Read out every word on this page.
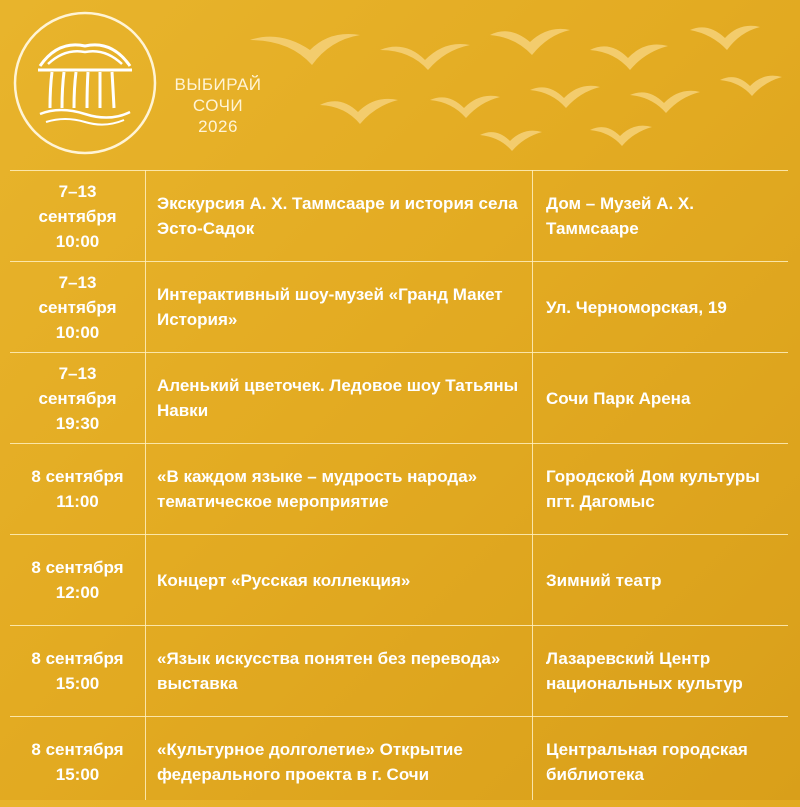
ВЫБИРАЙ СОЧИ
2026
7–13
сентября
10:00
Экскурсия А. Х. Таммсааре и история села Эсто-Садок
Дом – Музей А. Х. Таммсааре
7–13
сентября
10:00
Интерактивный шоу-музей «Гранд Макет История»
Ул. Черноморская, 19
7–13
сентября
19:30
Аленький цветочек. Ледовое шоу Татьяны Навки
Сочи Парк Арена
8 сентября
11:00
«В каждом языке – мудрость народа» тематическое мероприятие
Городской Дом культуры пгт. Дагомыс
8 сентября
12:00
Концерт «Русская коллекция»	Зимний театр
8 сентября
15:00
«Язык искусства понятен без перевода» выставка
Лазаревский Центр национальных культур
8 сентября
15:00
«Культурное долголетие» Открытие федерального проекта в г. Сочи
Центральная городская библиотека
